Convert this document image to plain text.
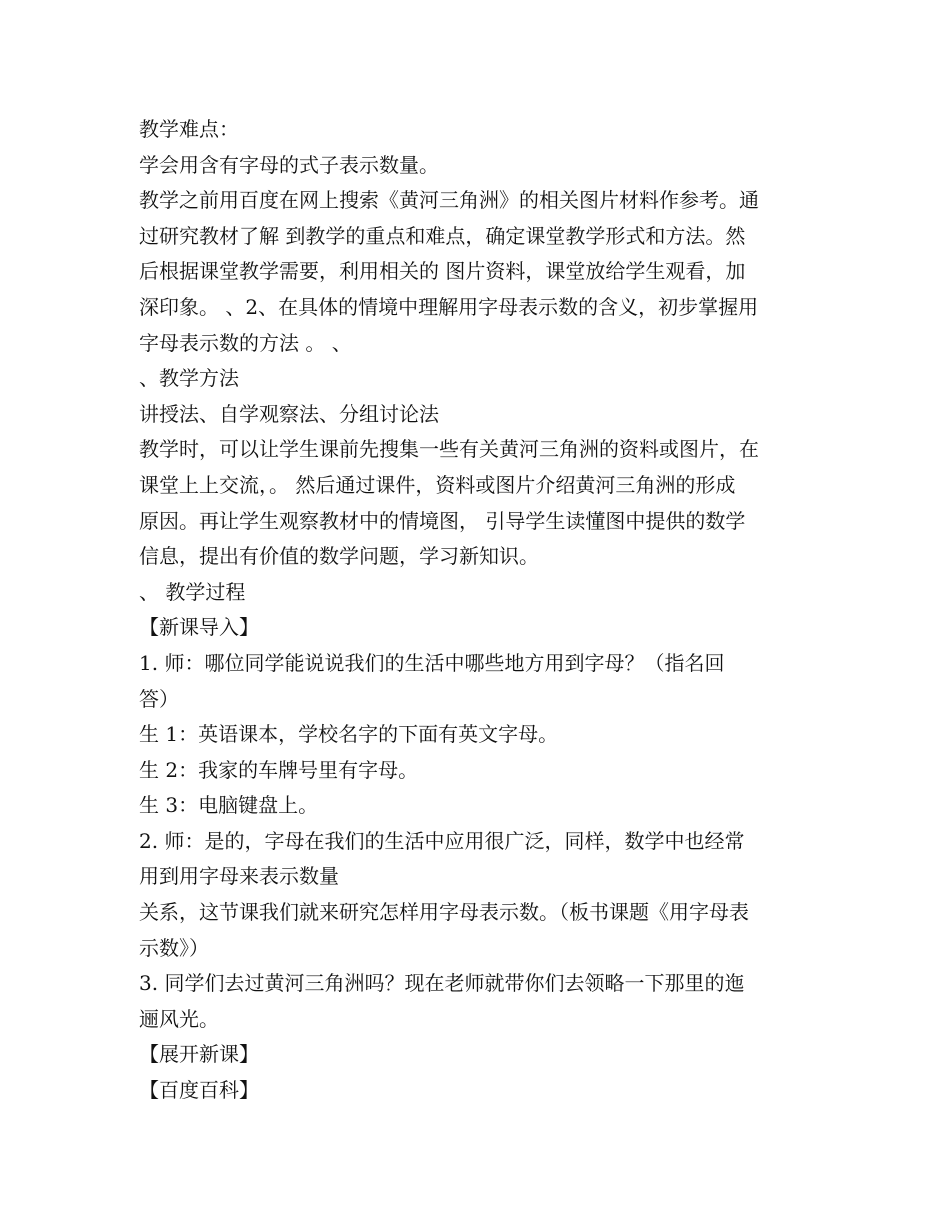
教学难点：
学会用含有字母的式子表示数量。
教学之前用百度在网上搜索《黄河三角洲》的相关图片材料作参考。通
过研究教材了解 到教学的重点和难点，确定课堂教学形式和方法。然
后根据课堂教学需要，利用相关的 图片资料，课堂放给学生观看，加
深印象。 、2、在具体的情境中理解用字母表示数的含义，初步掌握用
字母表示数的方法 。 、
、教学方法
讲授法、自学观察法、分组讨论法
教学时，可以让学生课前先搜集一些有关黄河三角洲的资料或图片，在
课堂上上交流，。 然后通过课件，资料或图片介绍黄河三角洲的形成
原因。再让学生观察教材中的情境图， 引导学生读懂图中提供的数学
信息，提出有价值的数学问题，学习新知识。
、 教学过程
【新课导入】
1. 师：哪位同学能说说我们的生活中哪些地方用到字母？（指名回
答）
生 1：英语课本，学校名字的下面有英文字母。
生 2：我家的车牌号里有字母。
生 3：电脑键盘上。
2. 师：是的，字母在我们的生活中应用很广泛，同样，数学中也经常
用到用字母来表示数量
关系，这节课我们就来研究怎样用字母表示数。（板书课题《用字母表
示数》）
3. 同学们去过黄河三角洲吗？现在老师就带你们去领略一下那里的迤
逦风光。
【展开新课】
【百度百科】
